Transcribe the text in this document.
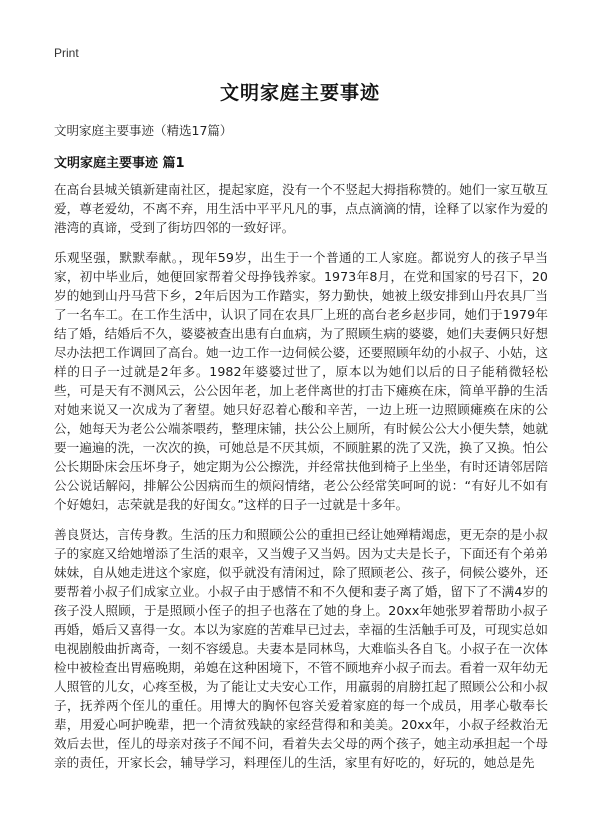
Print
文明家庭主要事迹
文明家庭主要事迹（精选17篇）
文明家庭主要事迹 篇1

在高台县城关镇新建南社区，提起家庭，没有一个不竖起大拇指称赞的。她们一家互敬互爱，尊老爱幼，不离不弃，用生活中平平凡凡的事，点点滴滴的情，诠释了以家作为爱的港湾的真谛，受到了街坊四邻的一致好评。

乐观坚强，默默奉献。，现年59岁，出生于一个普通的工人家庭。都说穷人的孩子早当家，初中毕业后，她便回家帮着父母挣钱养家。1973年8月，在党和国家的号召下，20岁的她到山丹马营下乡，2年后因为工作踏实，努力勤快，她被上级安排到山丹农具厂当了一名车工。在工作生活中，认识了同在农具厂上班的高台老乡赵步同，她们于1979年结了婚，结婚后不久，婆婆被查出患有白血病，为了照顾生病的婆婆，她们夫妻俩只好想尽办法把工作调回了高台。她一边工作一边伺候公婆，还要照顾年幼的小叔子、小姑，这样的日子一过就是2年多。1982年婆婆过世了，原本以为她们以后的日子能稍微轻松些，可是天有不测风云，公公因年老，加上老伴离世的打击下瘫痪在床，简单平静的生活对她来说又一次成为了奢望。她只好忍着心酸和辛苦，一边上班一边照顾瘫痪在床的公公，她每天为老公公端茶喂药，整理床铺，扶公公上厕所，有时候公公大小便失禁，她就要一遍遍的洗，一次次的换，可她总是不厌其烦，不顾脏累的洗了又洗，换了又换。怕公公长期卧床会压坏身子，她定期为公公擦洗，并经常扶他到椅子上坐坐，有时还请邻居陪公公说话解闷，排解公公因病而生的烦闷情绪，老公公经常笑呵呵的说：“有好儿不如有个好媳妇，志荣就是我的好闺女。”这样的日子一过就是十多年。

善良贤达，言传身教。生活的压力和照顾公公的重担已经让她殚精竭虑，更无奈的是小叔子的家庭又给她增添了生活的艰辛，又当嫂子又当妈。因为丈夫是长子，下面还有个弟弟妹妹，自从她走进这个家庭，似乎就没有清闲过，除了照顾老公、孩子，伺候公婆外，还要帮着小叔子们成家立业。小叔子由于感情不和不久便和妻子离了婚，留下了不满4岁的孩子没人照顾，于是照顾小侄子的担子也落在了她的身上。20xx年她张罗着帮助小叔子再婚，婚后又喜得一女。本以为家庭的苦难早已过去，幸福的生活触手可及，可现实总如电视剧般曲折离奇，一刻不容缓息。夫妻本是同林鸟，大难临头各自飞。小叔子在一次体检中被检查出胃癌晚期，弟媳在这种困境下，不管不顾地弃小叔子而去。看着一双年幼无人照管的儿女，心疼至极，为了能让丈夫安心工作，用羸弱的肩膀扛起了照顾公公和小叔子，抚养两个侄儿的重任。用博大的胸怀包容关爱着家庭的每一个成员，用孝心敬奉长辈，用爱心呵护晚辈，把一个清贫残缺的家经营得和和美美。20xx年，小叔子经救治无效后去世，侄儿的母亲对孩子不闻不问，看着失去父母的两个孩子，她主动承担起一个母亲的责任，开家长会，辅导学习，料理侄儿的生活，家里有好吃的，好玩的，她总是先
